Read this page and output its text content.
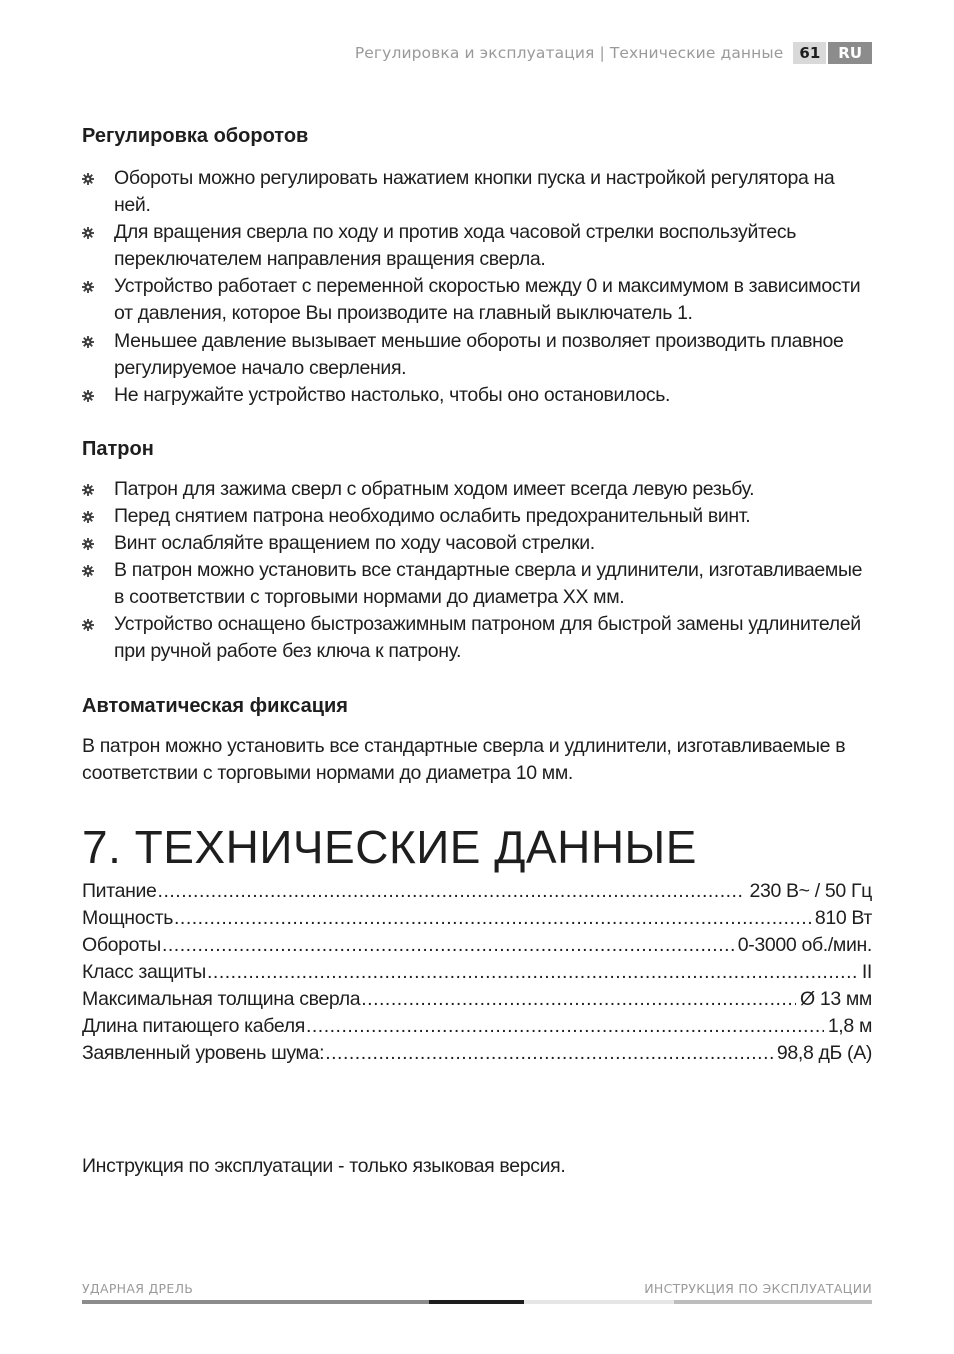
Регулировка и эксплуатация | Технические данные	61	RU
Регулировка оборотов
Обороты можно регулировать нажатием кнопки пуска и настройкой регулятора на ней.
Для вращения сверла по ходу и против хода часовой стрелки воспользуйтесь переключателем направления вращения сверла.
Устройство работает с переменной скоростью между 0 и максимумом в зависимости от давления, которое Вы производите на главный выключатель 1.
Меньшее давление вызывает меньшие обороты и позволяет производить плавное регулируемое начало сверления.
Не нагружайте устройство настолько, чтобы оно остановилось.
Патрон
Патрон для зажима сверл с обратным ходом имеет всегда левую резьбу.
Перед снятием патрона необходимо ослабить предохранительный винт.
Винт ослабляйте вращением по ходу часовой стрелки.
В патрон можно установить все стандартные сверла и удлинители, изготавливаемые в соответствии с торговыми нормами до диаметра XX мм.
Устройство оснащено быстрозажимным патроном для быстрой замены удлинителей при ручной работе без ключа к патрону.
Автоматическая фиксация

В патрон можно установить все стандартные сверла и удлинители, изготавливаемые в соответствии с торговыми нормами до диаметра 10 мм.

7. ТЕХНИЧЕСКИЕ ДАННЫЕ
Питание .....	230 В~ / 50 Гц
Мощность .....	810 Вт
Обороты .....	0-3000 об./мин.
Класс защиты .....	II
Максимальная толщина сверла .....	Ø 13 мм
Длина питающего кабеля .....	1,8 м
Заявленный уровень шума: .....	98,8 дБ (A)

Инструкция по эксплуатации - только языковая версия.

УДАРНАЯ ДРЕЛЬ	ИНСТРУКЦИЯ ПО ЭКСПЛУАТАЦИИ
